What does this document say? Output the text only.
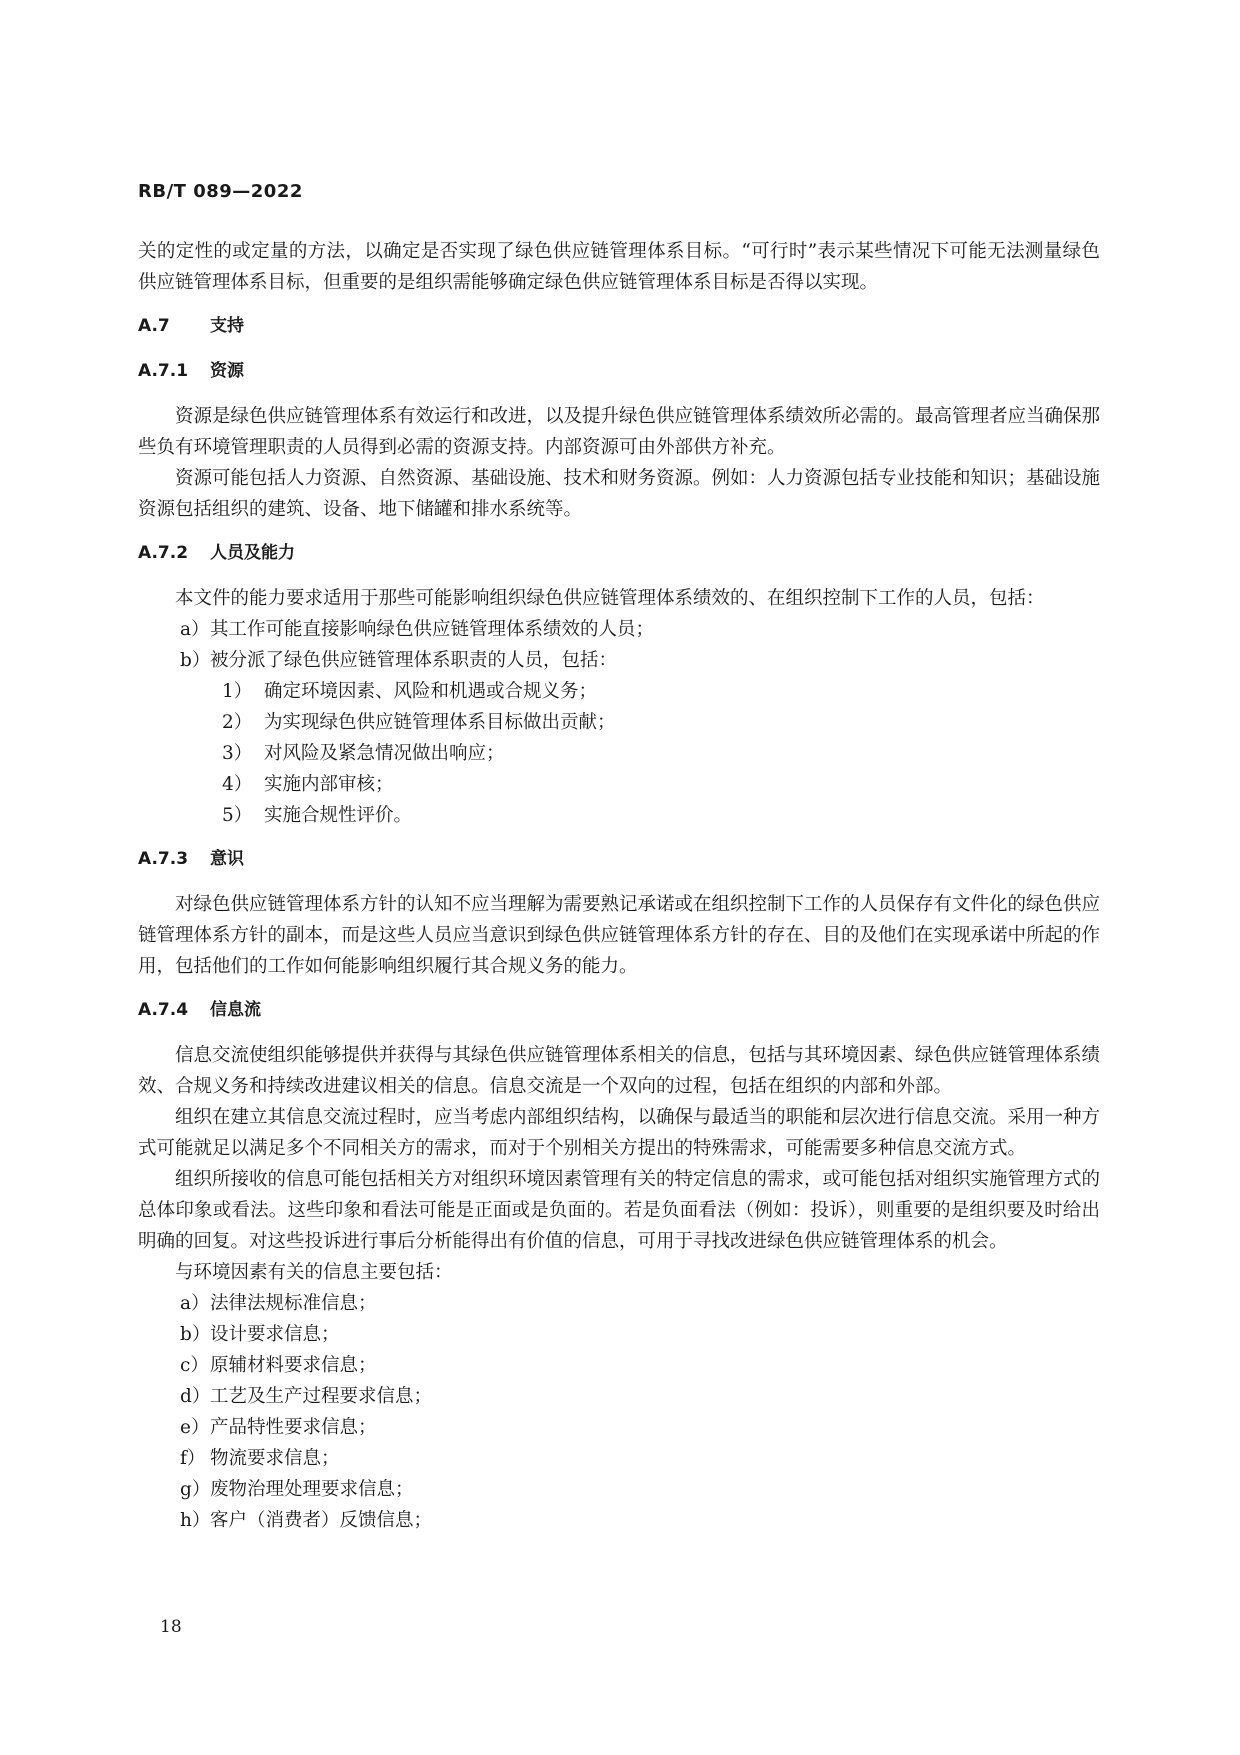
RB/T 089—2022

关的定性的或定量的方法，以确定是否实现了绿色供应链管理体系目标。“可行时”表示某些情况下可能无法测量绿色供应链管理体系目标，但重要的是组织需能够确定绿色供应链管理体系目标是否得以实现。

A.7	支持
A.7.1	资源

资源是绿色供应链管理体系有效运行和改进，以及提升绿色供应链管理体系绩效所必需的。最高管理者应当确保那些负有环境管理职责的人员得到必需的资源支持。内部资源可由外部供方补充。

资源可能包括人力资源、自然资源、基础设施、技术和财务资源。例如：人力资源包括专业技能和知识；基础设施资源包括组织的建筑、设备、地下储罐和排水系统等。

A.7.2	人员及能力

本文件的能力要求适用于那些可能影响组织绿色供应链管理体系绩效的、在组织控制下工作的人员，包括：

a） 其工作可能直接影响绿色供应链管理体系绩效的人员；
b） 被分派了绿色供应链管理体系职责的人员，包括：
1） 确定环境因素、风险和机遇或合规义务；
2） 为实现绿色供应链管理体系目标做出贡献；
3） 对风险及紧急情况做出响应；
4） 实施内部审核；
5） 实施合规性评价。
A.7.3	意识

对绿色供应链管理体系方针的认知不应当理解为需要熟记承诺或在组织控制下工作的人员保存有文件化的绿色供应链管理体系方针的副本，而是这些人员应当意识到绿色供应链管理体系方针的存在、目的及他们在实现承诺中所起的作用，包括他们的工作如何能影响组织履行其合规义务的能力。

A.7.4	信息流

信息交流使组织能够提供并获得与其绿色供应链管理体系相关的信息，包括与其环境因素、绿色供应链管理体系绩效、合规义务和持续改进建议相关的信息。信息交流是一个双向的过程，包括在组织的内部和外部。

组织在建立其信息交流过程时，应当考虑内部组织结构，以确保与最适当的职能和层次进行信息交流。采用一种方式可能就足以满足多个不同相关方的需求，而对于个别相关方提出的特殊需求，可能需要多种信息交流方式。

组织所接收的信息可能包括相关方对组织环境因素管理有关的特定信息的需求，或可能包括对组织实施管理方式的总体印象或看法。这些印象和看法可能是正面或是负面的。若是负面看法（例如：投诉），则重要的是组织要及时给出明确的回复。对这些投诉进行事后分析能得出有价值的信息，可用于寻找改进绿色供应链管理体系的机会。

与环境因素有关的信息主要包括：

a） 法律法规标准信息；
b） 设计要求信息；
c） 原辅材料要求信息；
d） 工艺及生产过程要求信息；
e） 产品特性要求信息；
f） 物流要求信息；
g） 废物治理处理要求信息；
h） 客户（消费者）反馈信息；
18
